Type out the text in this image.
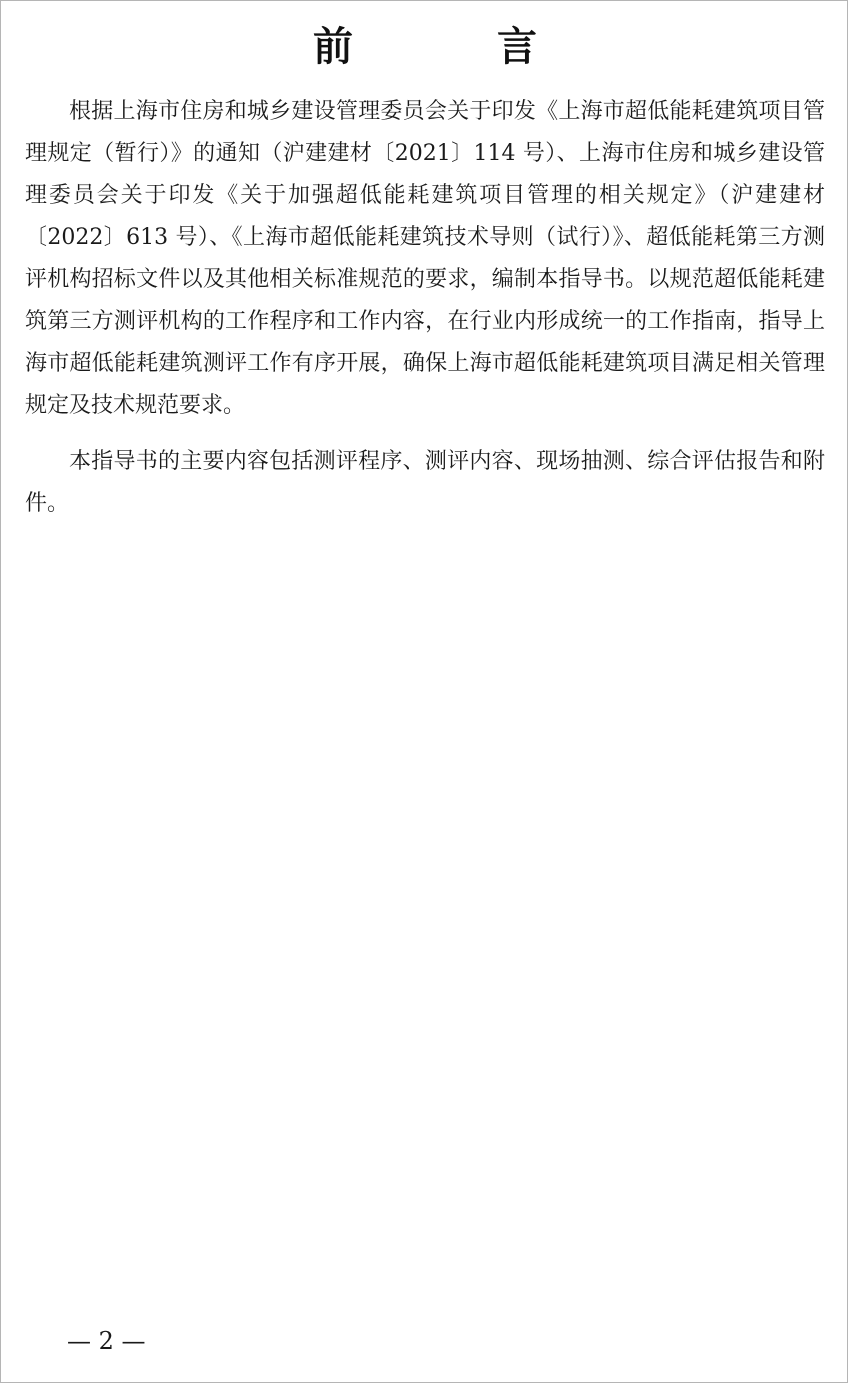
前　言

根据上海市住房和城乡建设管理委员会关于印发《上海市超低能耗建筑项目管理规定（暂行）》的通知（沪建建材〔2021〕114 号）、上海市住房和城乡建设管理委员会关于印发《关于加强超低能耗建筑项目管理的相关规定》（沪建建材〔2022〕613 号）、《上海市超低能耗建筑技术导则（试行）》、超低能耗第三方测评机构招标文件以及其他相关标准规范的要求，编制本指导书。以规范超低能耗建筑第三方测评机构的工作程序和工作内容，在行业内形成统一的工作指南，指导上海市超低能耗建筑测评工作有序开展，确保上海市超低能耗建筑项目满足相关管理规定及技术规范要求。

本指导书的主要内容包括测评程序、测评内容、现场抽测、综合评估报告和附件。

— 2 —
